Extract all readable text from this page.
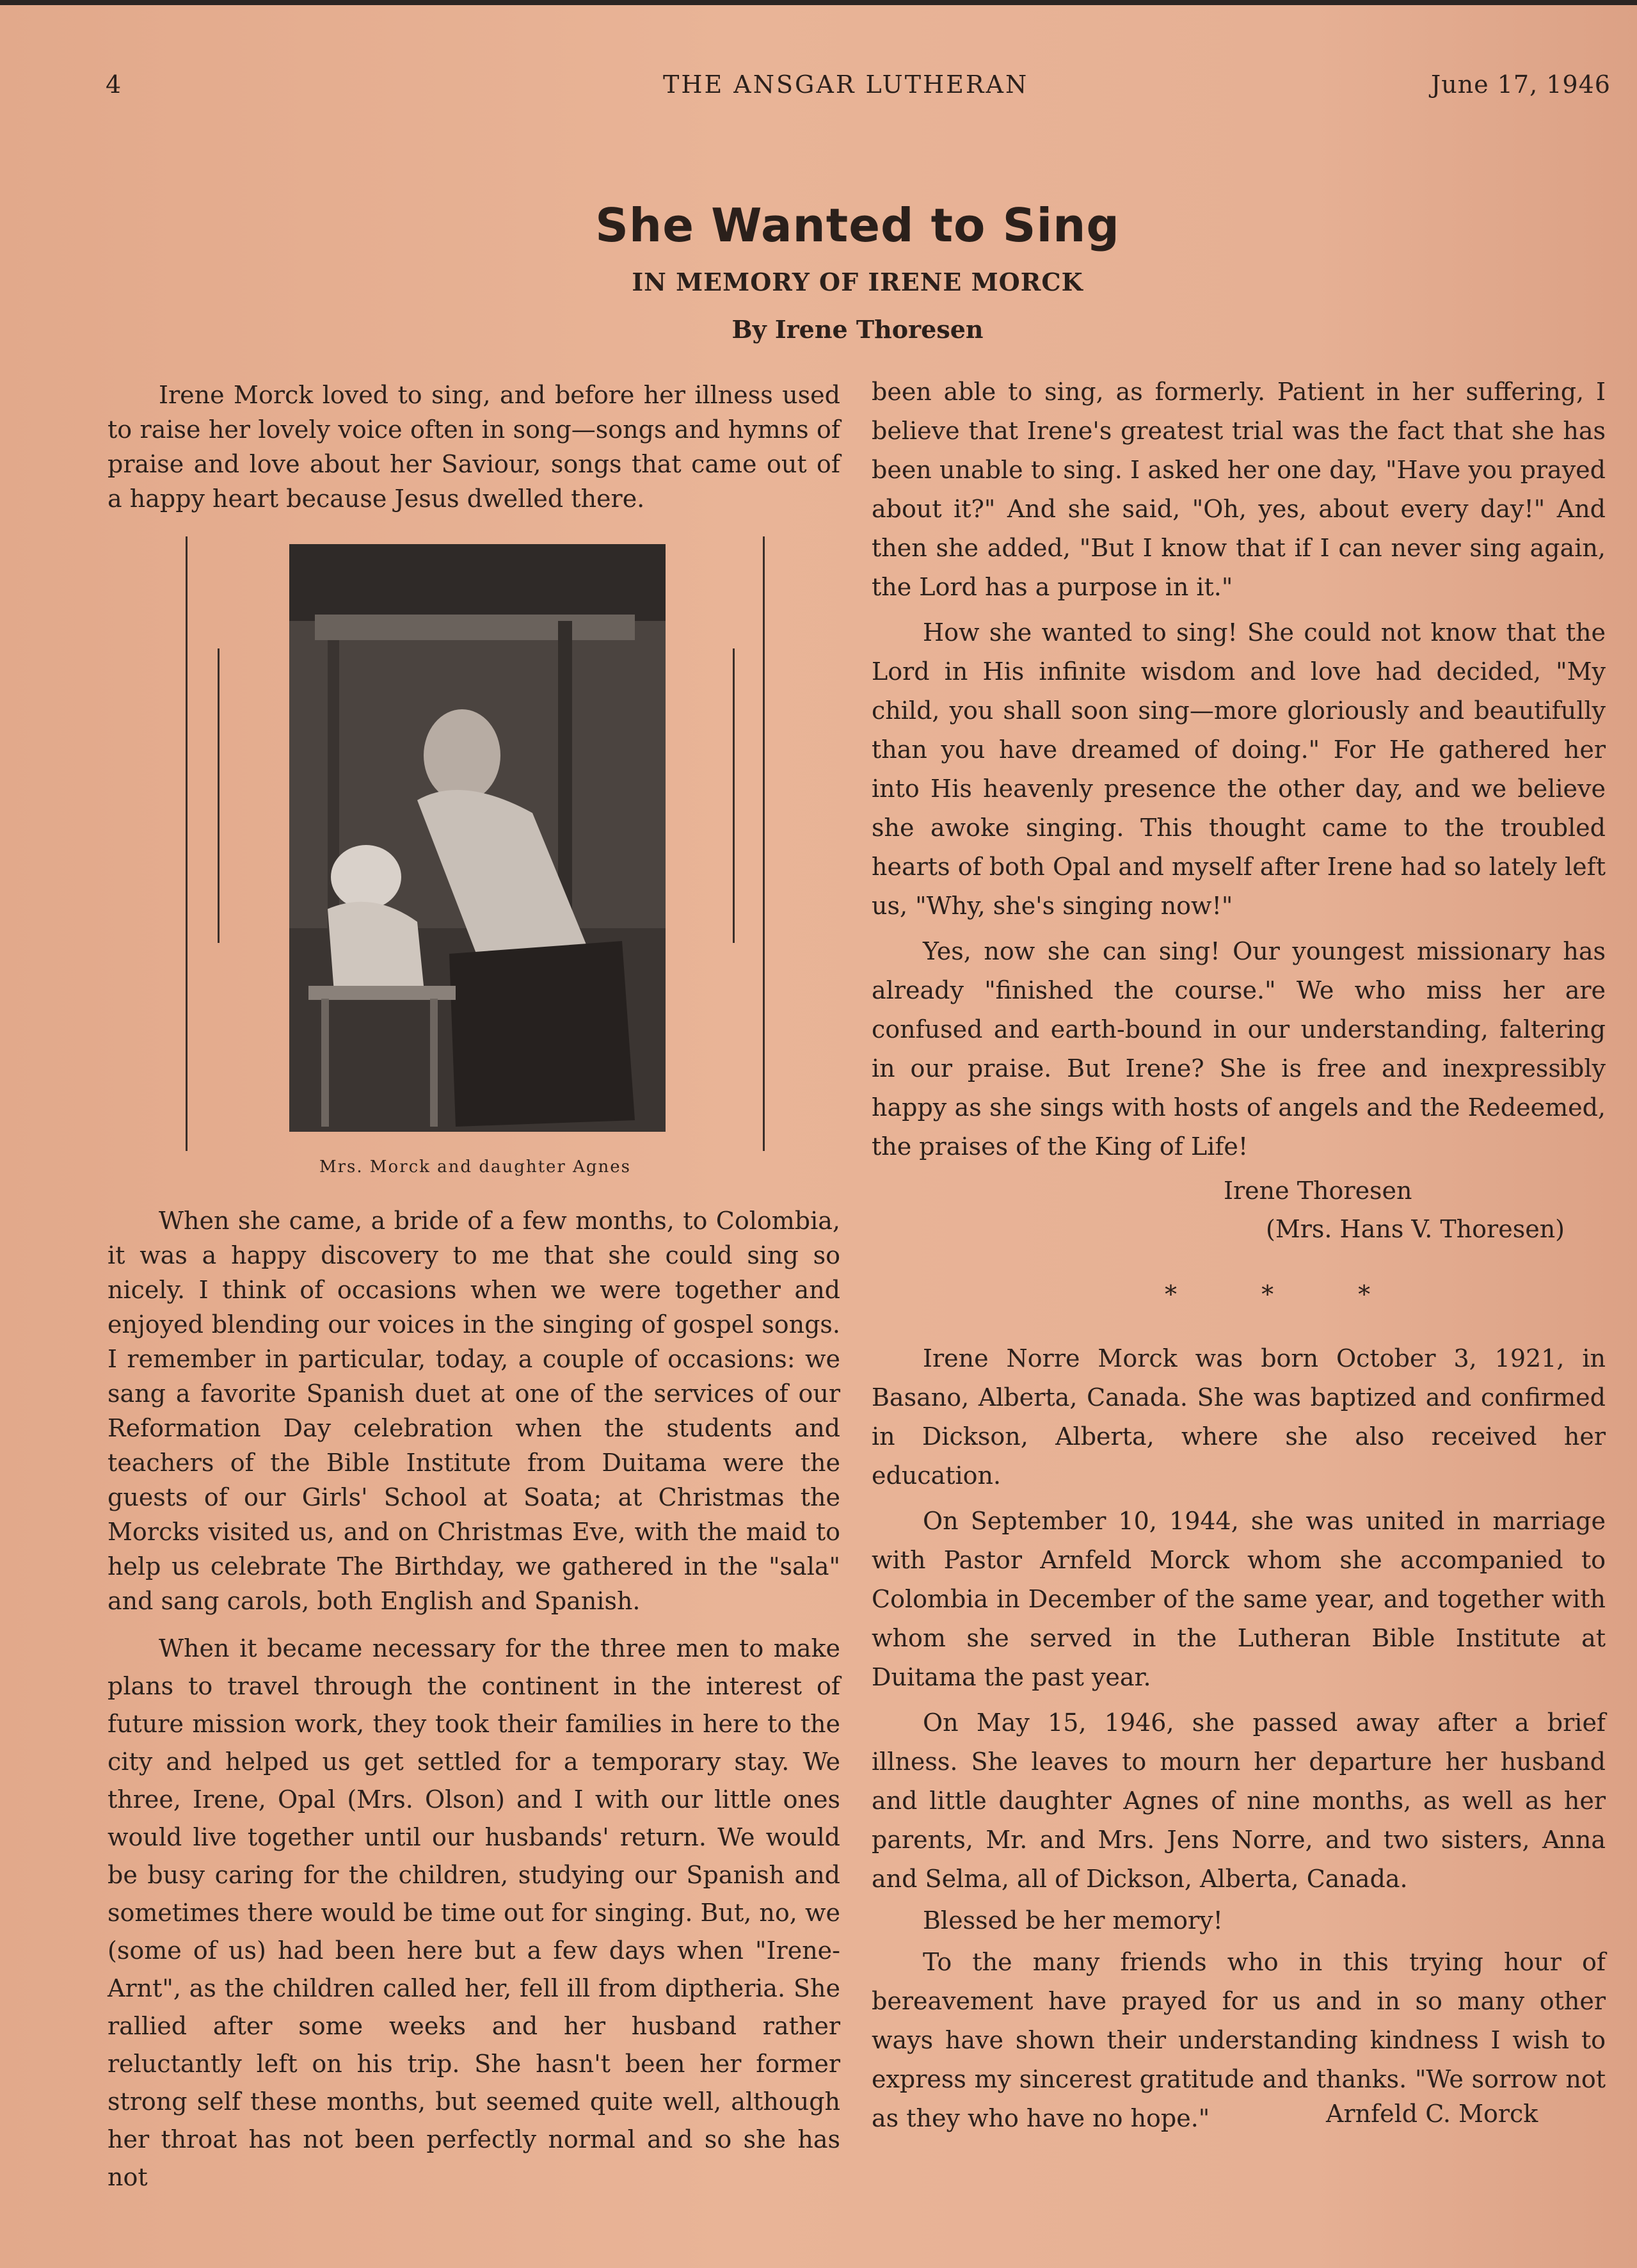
4	THE ANSGAR LUTHERAN	June 17, 1946
She Wanted to Sing
IN MEMORY OF IRENE MORCK
By Irene Thoresen

Irene Morck loved to sing, and before her illness used to raise her lovely voice often in song—songs and hymns of praise and love about her Saviour, songs that came out of a happy heart because Jesus dwelled there.

Mrs. Morck and daughter Agnes

When she came, a bride of a few months, to Colombia, it was a happy discovery to me that she could sing so nicely. I think of occasions when we were together and enjoyed blending our voices in the singing of gospel songs. I remember in particular, today, a couple of occasions: we sang a favorite Spanish duet at one of the services of our Reformation Day celebration when the students and teachers of the Bible Institute from Duitama were the guests of our Girls' School at Soata; at Christmas the Morcks visited us, and on Christmas Eve, with the maid to help us celebrate The Birthday, we gathered in the "sala" and sang carols, both English and Spanish.

When it became necessary for the three men to make plans to travel through the continent in the interest of future mission work, they took their families in here to the city and helped us get settled for a temporary stay. We three, Irene, Opal (Mrs. Olson) and I with our little ones would live together until our husbands' return. We would be busy caring for the children, studying our Spanish and sometimes there would be time out for singing. But, no, we (some of us) had been here but a few days when "Irene-Arnt", as the children called her, fell ill from diptheria. She rallied after some weeks and her husband rather reluctantly left on his trip. She hasn't been her former strong self these months, but seemed quite well, although her throat has not been perfectly normal and so she has not

been able to sing, as formerly. Patient in her suffering, I believe that Irene's greatest trial was the fact that she has been unable to sing. I asked her one day, "Have you prayed about it?" And she said, "Oh, yes, about every day!" And then she added, "But I know that if I can never sing again, the Lord has a purpose in it."

How she wanted to sing! She could not know that the Lord in His infinite wisdom and love had decided, "My child, you shall soon sing—more gloriously and beautifully than you have dreamed of doing." For He gathered her into His heavenly presence the other day, and we believe she awoke singing. This thought came to the troubled hearts of both Opal and myself after Irene had so lately left us, "Why, she's singing now!"

Yes, now she can sing! Our youngest missionary has already "finished the course." We who miss her are confused and earth-bound in our understanding, faltering in our praise. But Irene? She is free and inexpressibly happy as she sings with hosts of angels and the Redeemed, the praises of the King of Life!

Irene Thoresen
(Mrs. Hans V. Thoresen)
* * *

Irene Norre Morck was born October 3, 1921, in Basano, Alberta, Canada. She was baptized and confirmed in Dickson, Alberta, where she also received her education.

On September 10, 1944, she was united in marriage with Pastor Arnfeld Morck whom she accompanied to Colombia in December of the same year, and together with whom she served in the Lutheran Bible Institute at Duitama the past year.

On May 15, 1946, she passed away after a brief illness. She leaves to mourn her departure her husband and little daughter Agnes of nine months, as well as her parents, Mr. and Mrs. Jens Norre, and two sisters, Anna and Selma, all of Dickson, Alberta, Canada.

Blessed be her memory!

To the many friends who in this trying hour of bereavement have prayed for us and in so many other ways have shown their understanding kindness I wish to express my sincerest gratitude and thanks. "We sorrow not as they who have no hope."	Arnfeld C. Morck
